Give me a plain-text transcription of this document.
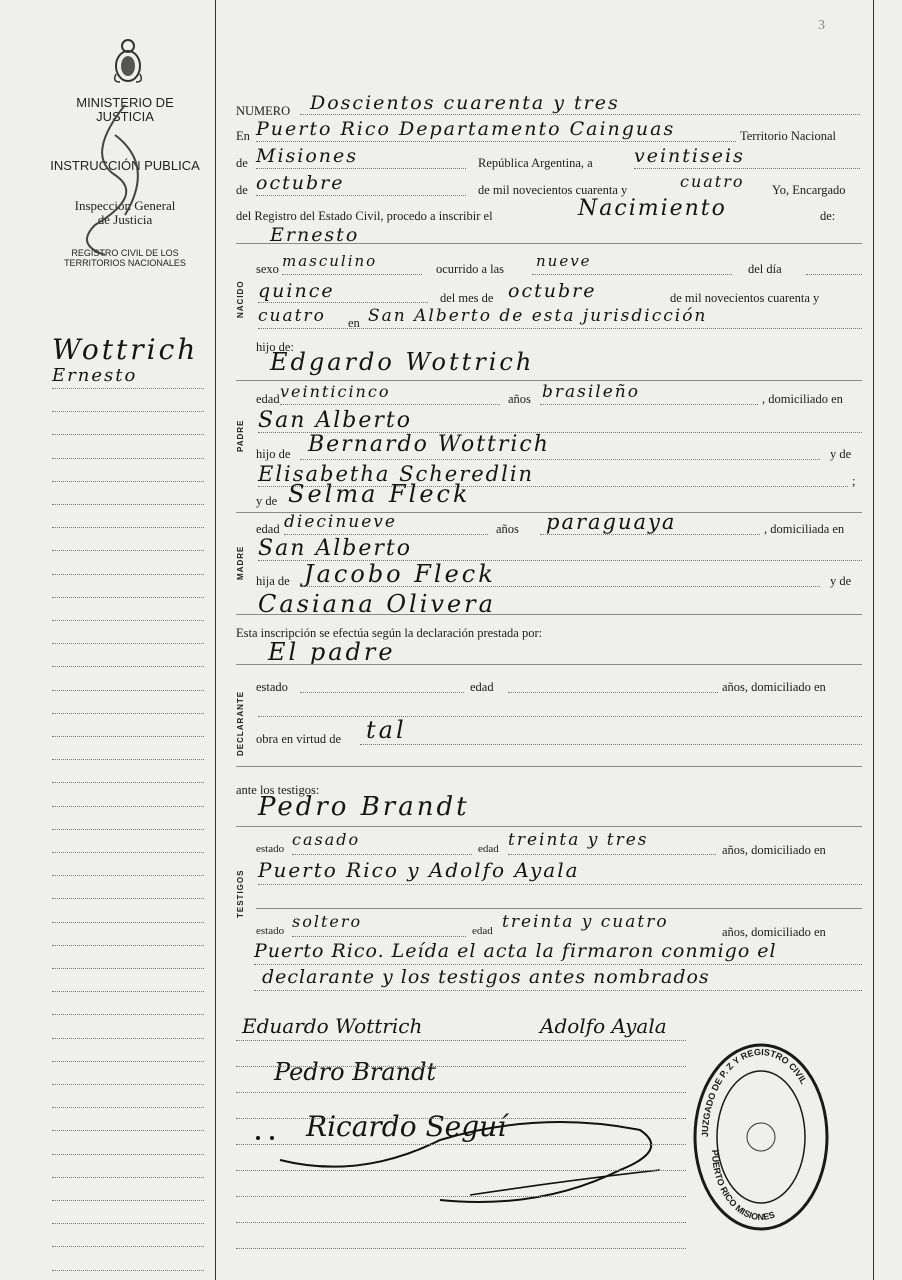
3
MINISTERIO DE JUSTICIA
INSTRUCCIÓN PUBLICA
Inspección General
de Justicia
REGISTRO CIVIL DE LOS
TERRITORIOS NACIONALES
Wottrich
Ernesto
NUMERO Doscientos cuarenta y tres
En Puerto Rico Departamento Cainguas	Territorio Nacional
de Misiones	República Argentina, a veintiseis
de octubre	de mil novecientos cuarenta y	cuatro Yo, Encargado
del Registro del Estado Civil, procedo a inscribir el	Nacimiento	de:
Ernesto
NACIDO
sexo masculino	ocurrido a las nueve	del día
quince	del mes de octubre	de mil novecientos cuarenta y
cuatro en San Alberto de esta jurisdicción
hijo de:
Edgardo Wottrich
PADRE
edad veinticinco	años brasileño	, domiciliado en
San Alberto
hijo de Bernardo Wottrich	y de
Elisabetha Scheredlin	;
y de Selma Fleck
MADRE
edad diecinueve	años paraguaya	, domiciliada en
San Alberto
hija de Jacobo Fleck	y de
Casiana Olivera
Esta inscripción se efectúa según la declaración prestada por:
El padre
DECLARANTE
estado	edad	años, domiciliado en
obra en virtud de tal
ante los testigos:
Pedro Brandt
TESTIGOS
estado casado	edad treinta y tres	años, domiciliado en
Puerto Rico y Adolfo Ayala
estado soltero	edad treinta y cuatro	años, domiciliado en
Puerto Rico. Leída el acta la firmaron conmigo el
declarante y los testigos antes nombrados
Eduardo Wottrich	Adolfo Ayala
Pedro Brandt
Ricardo Seguí	JUZGADO DE P. Z Y REGISTRO CIVIL
PUERTO RICO MISIONES
